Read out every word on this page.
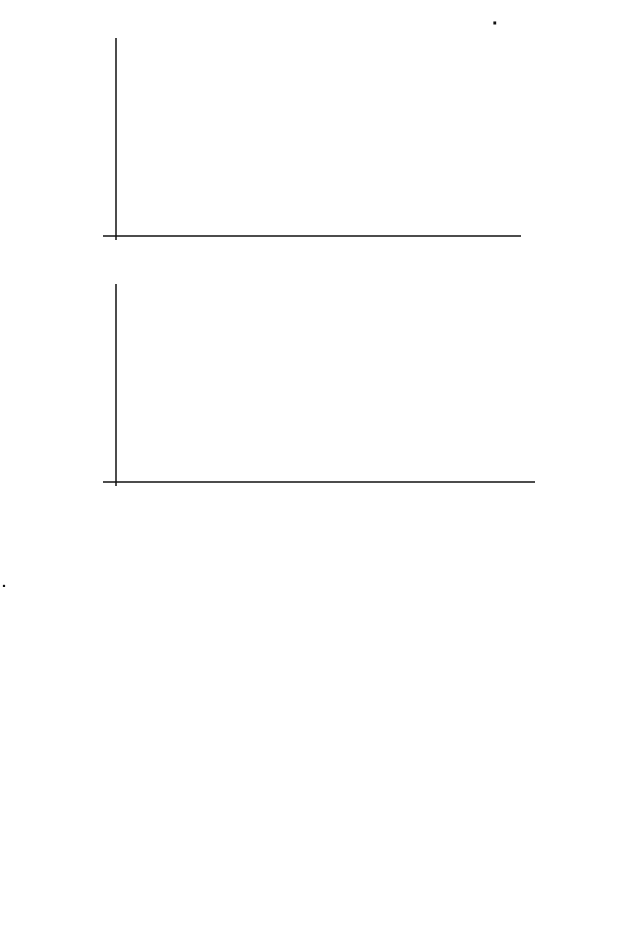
·
